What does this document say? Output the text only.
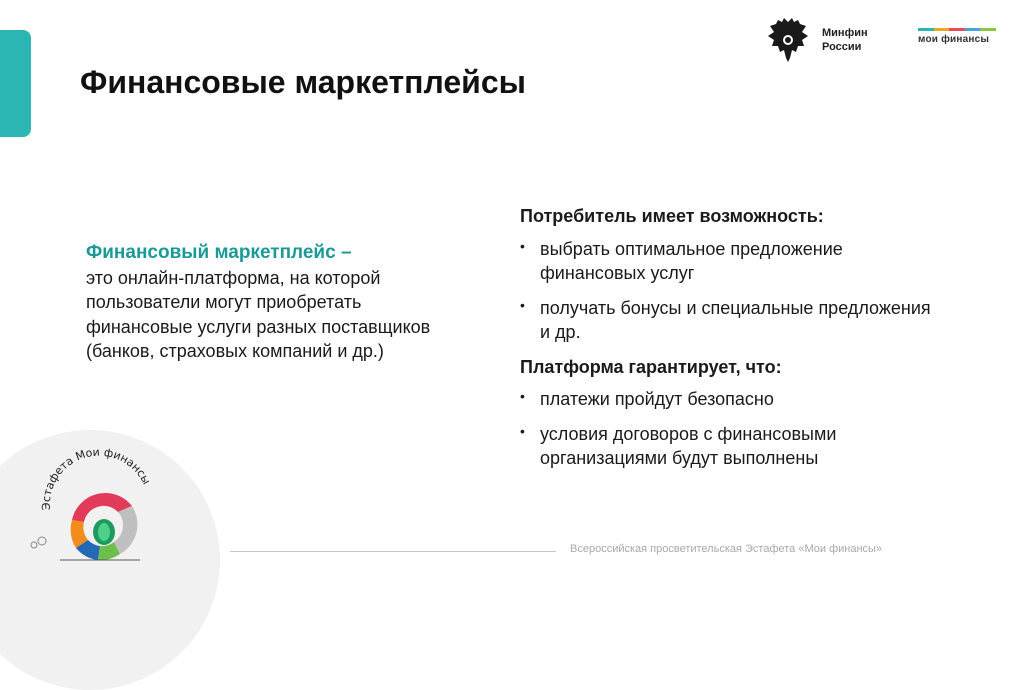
Финансовые маркетплейсы
Минфин
России
мои финансы
Финансовый маркетплейс –
это онлайн-платформа, на которой пользователи могут приобретать финансовые услуги разных поставщиков (банков, страховых компаний и др.)
Потребитель имеет возможность:
• выбрать оптимальное предложение финансовых услуг
• получать бонусы и специальные предложения и др.
Платформа гарантирует, что:
• платежи пройдут безопасно
• условия договоров с финансовыми организациями будут выполнены
Эстафета Мои финансы
Всероссийская просветительская Эстафета «Мои финансы»
